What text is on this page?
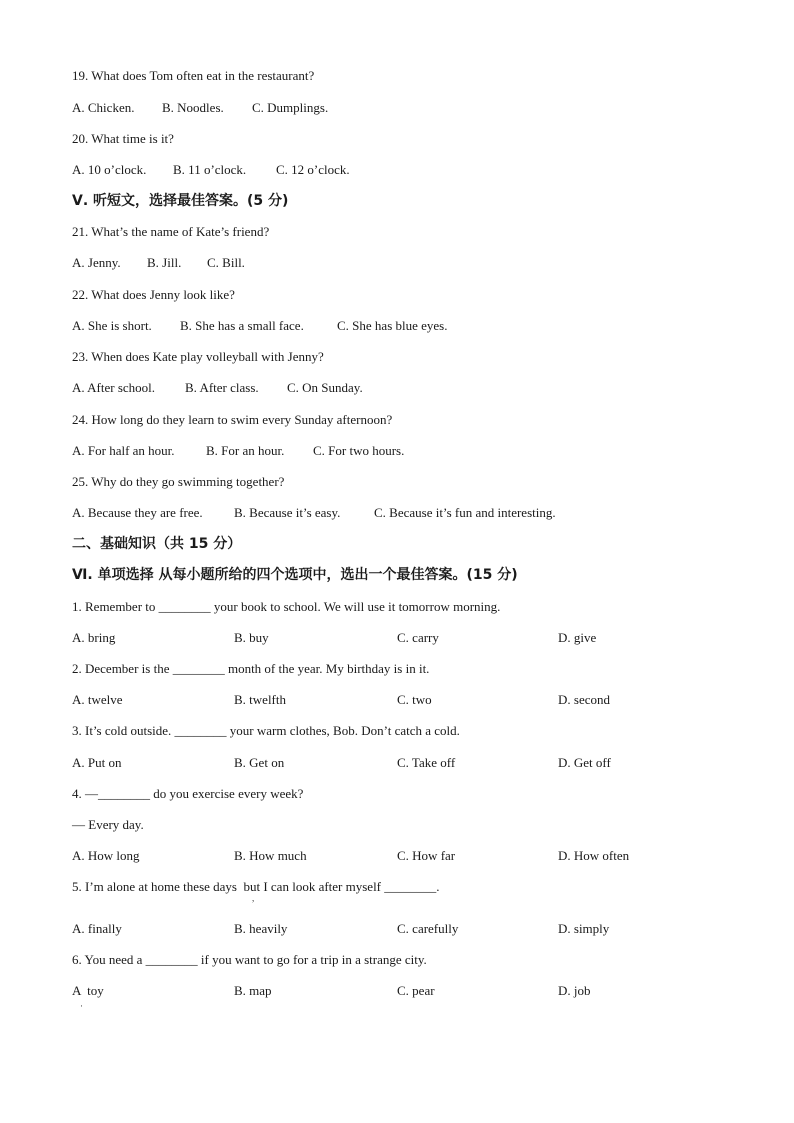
19. What does Tom often eat in the restaurant?
A. Chicken. B. Noodles. C. Dumplings.
20. What time is it?
A. 10 o’clock. B. 11 o’clock. C. 12 o’clock.
Ⅴ. 听短文，选择最佳答案。(5 分)
21. What’s the name of Kate’s friend?
A. Jenny. B. Jill. C. Bill.
22. What does Jenny look like?
A. She is short. B. She has a small face.	C. She has blue eyes.
23. When does Kate play volleyball with Jenny?
A. After school. B. After class. C. On Sunday.
24. How long do they learn to swim every Sunday afternoon?
A. For half an hour. B. For an hour. C. For two hours.
25. Why do they go swimming together?
A. Because they are free. B. Because it’s easy.	C. Because it’s fun and interesting.
二、基础知识（共 15 分）
Ⅵ. 单项选择 从每小题所给的四个选项中，选出一个最佳答案。(15 分)
1. Remember to ________ your book to school. We will use it tomorrow morning.
A. bring	B. buy	C. carry	D. give
2. December is the ________ month of the year. My birthday is in it.
A. twelve	B. twelfth	C. two	D. second
3. It’s cold outside. ________ your warm clothes, Bob. Don’t catch a cold.
A. Put on	B. Get on	C. Take off	D. Get off
4. —________ do you exercise every week?
— Every day.
A. How long	B. How much	C. How far	D. How often
5. I’m alone at home these days  but I can look after myself ________.
,
A. finally	B. heavily	C. carefully	D. simply
6. You need a ________ if you want to go for a trip in a strange city.
A  toy	B. map	C. pear	D. job
·
